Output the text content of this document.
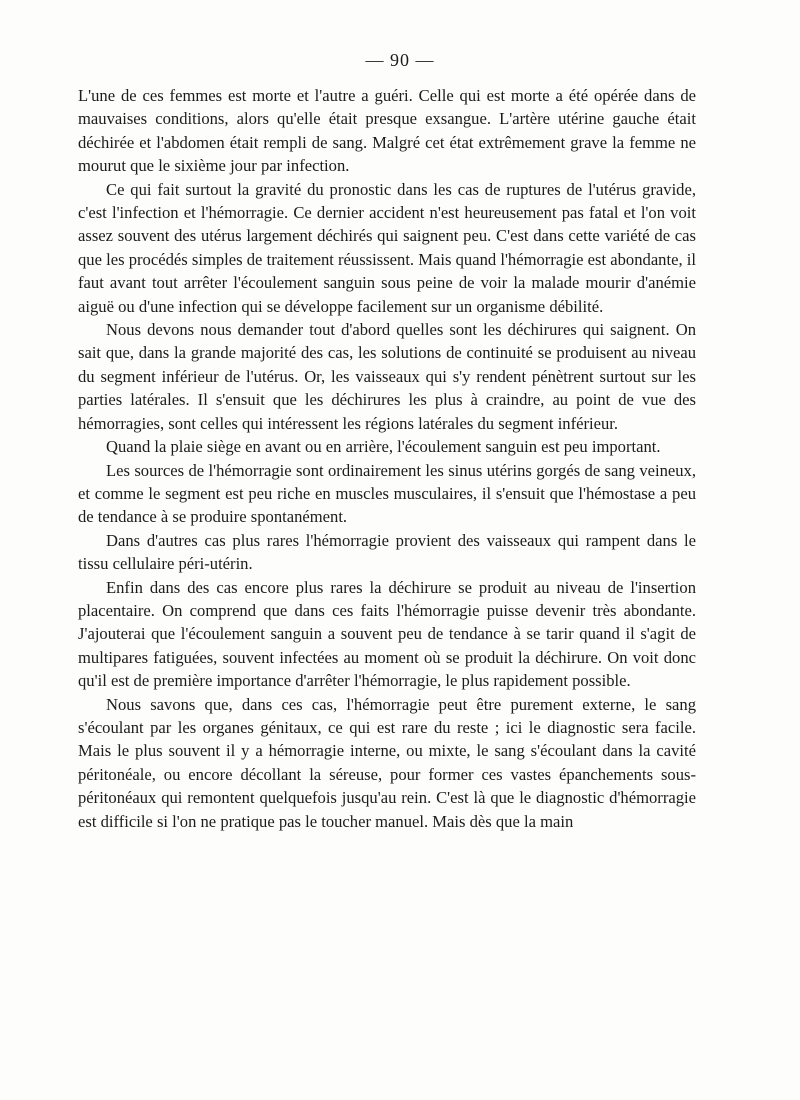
— 90 —

L'une de ces femmes est morte et l'autre a guéri. Celle qui est morte a été opérée dans de mauvaises conditions, alors qu'elle était presque exsangue. L'artère utérine gauche était déchirée et l'abdomen était rempli de sang. Malgré cet état extrêmement grave la femme ne mourut que le sixième jour par infection.

Ce qui fait surtout la gravité du pronostic dans les cas de ruptures de l'utérus gravide, c'est l'infection et l'hémorragie. Ce dernier accident n'est heureusement pas fatal et l'on voit assez souvent des utérus largement déchirés qui saignent peu. C'est dans cette variété de cas que les procédés simples de traitement réussissent. Mais quand l'hémorragie est abondante, il faut avant tout arrêter l'écoulement sanguin sous peine de voir la malade mourir d'anémie aiguë ou d'une infection qui se développe facilement sur un organisme débilité.

Nous devons nous demander tout d'abord quelles sont les déchirures qui saignent. On sait que, dans la grande majorité des cas, les solutions de continuité se produisent au niveau du segment inférieur de l'utérus. Or, les vaisseaux qui s'y rendent pénètrent surtout sur les parties latérales. Il s'ensuit que les déchirures les plus à craindre, au point de vue des hémorragies, sont celles qui intéressent les régions latérales du segment inférieur.

Quand la plaie siège en avant ou en arrière, l'écoulement sanguin est peu important.

Les sources de l'hémorragie sont ordinairement les sinus utérins gorgés de sang veineux, et comme le segment est peu riche en muscles musculaires, il s'ensuit que l'hémostase a peu de tendance à se produire spontanément.

Dans d'autres cas plus rares l'hémorragie provient des vaisseaux qui rampent dans le tissu cellulaire péri-utérin.

Enfin dans des cas encore plus rares la déchirure se produit au niveau de l'insertion placentaire. On comprend que dans ces faits l'hémorragie puisse devenir très abondante. J'ajouterai que l'écoulement sanguin a souvent peu de tendance à se tarir quand il s'agit de multipares fatiguées, souvent infectées au moment où se produit la déchirure. On voit donc qu'il est de première importance d'arrêter l'hémorragie, le plus rapidement possible.

Nous savons que, dans ces cas, l'hémorragie peut être purement externe, le sang s'écoulant par les organes génitaux, ce qui est rare du reste ; ici le diagnostic sera facile. Mais le plus souvent il y a hémorragie interne, ou mixte, le sang s'écoulant dans la cavité péritonéale, ou encore décollant la séreuse, pour former ces vastes épanchements sous-péritonéaux qui remontent quelquefois jusqu'au rein. C'est là que le diagnostic d'hémorragie est difficile si l'on ne pratique pas le toucher manuel. Mais dès que la main
